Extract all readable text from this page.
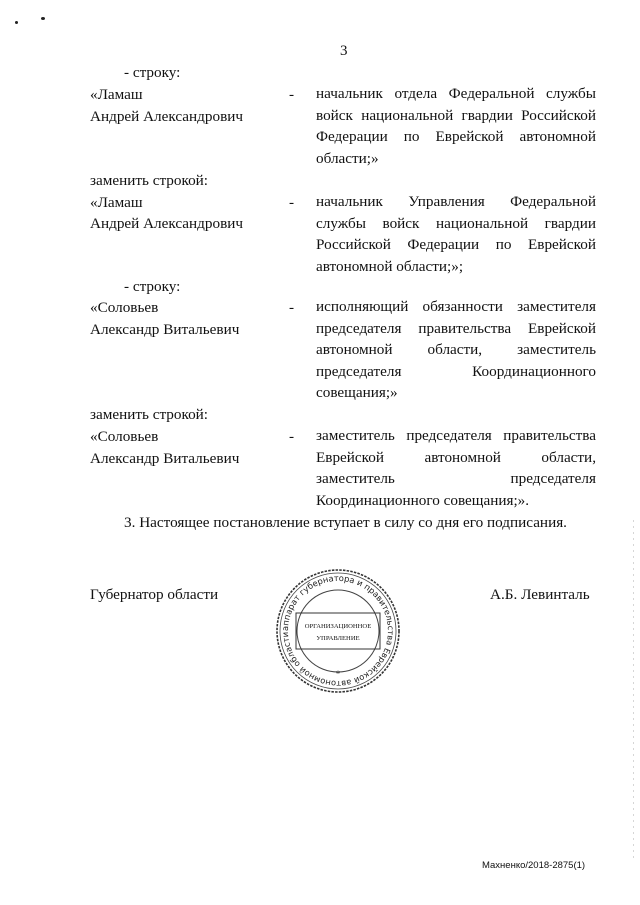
3
- строку:
«Ламаш
Андрей Александрович
- начальник отдела Федеральной службы
войск национальной гвардии Российской
Федерации по Еврейской автономной
области;»
заменить строкой:
«Ламаш
Андрей Александрович
- начальник Управления Федеральной
службы войск национальной гвардии
Российской Федерации по Еврейской
автономной области;»;
- строку:
«Соловьев
Александр Витальевич
- исполняющий обязанности заместителя
председателя правительства Еврейской
автономной области, заместитель
председателя Координационного
совещания;»
заменить строкой:
«Соловьев
Александр Витальевич
- заместитель председателя правительства
Еврейской автономной области,
заместитель председателя
Координационного совещания;».
3. Настоящее постановление вступает в силу со дня его подписания.
Губернатор области	А.Б. Левинталь
аппарат губернатора и правительства Еврейской автономной области
ОРГАНИЗАЦИОННОЕ
УПРАВЛЕНИЕ
*
Махненко/2018-2875(1)
